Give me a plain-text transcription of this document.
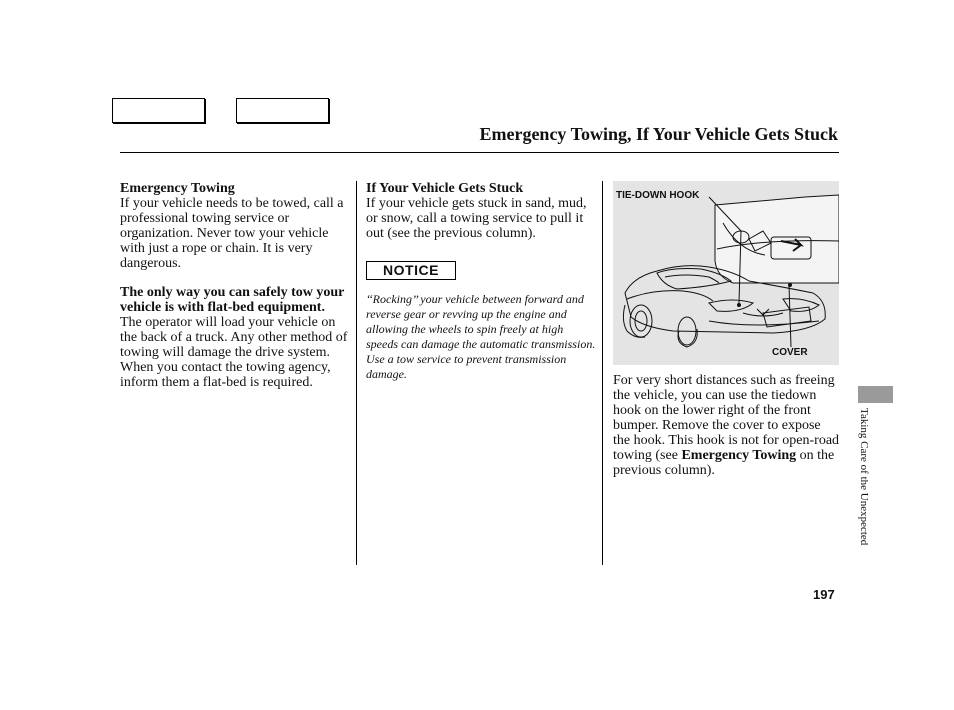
Emergency Towing, If Your Vehicle Gets Stuck
Emergency Towing

If your vehicle needs to be towed, call a professional towing service or organization. Never tow your vehicle with just a rope or chain. It is very dangerous.

The only way you can safely tow your vehicle is with flat-bed equipment. The operator will load your vehicle on the back of a truck. Any other method of towing will damage the drive system. When you contact the towing agency, inform them a flat-bed is required.

If Your Vehicle Gets Stuck

If your vehicle gets stuck in sand, mud, or snow, call a towing service to pull it out (see the previous column).

NOTICE

‘‘Rocking’’ your vehicle between forward and reverse gear or revving up the engine and allowing the wheels to spin freely at high speeds can damage the automatic transmission. Use a tow service to prevent transmission damage.

TIE-DOWN HOOK
COVER

For very short distances such as freeing the vehicle, you can use the tiedown hook on the lower right of the front bumper. Remove the cover to expose the hook. This hook is not for open-road towing (see Emergency Towing on the previous column).	Taking Care of the Unexpected
197
